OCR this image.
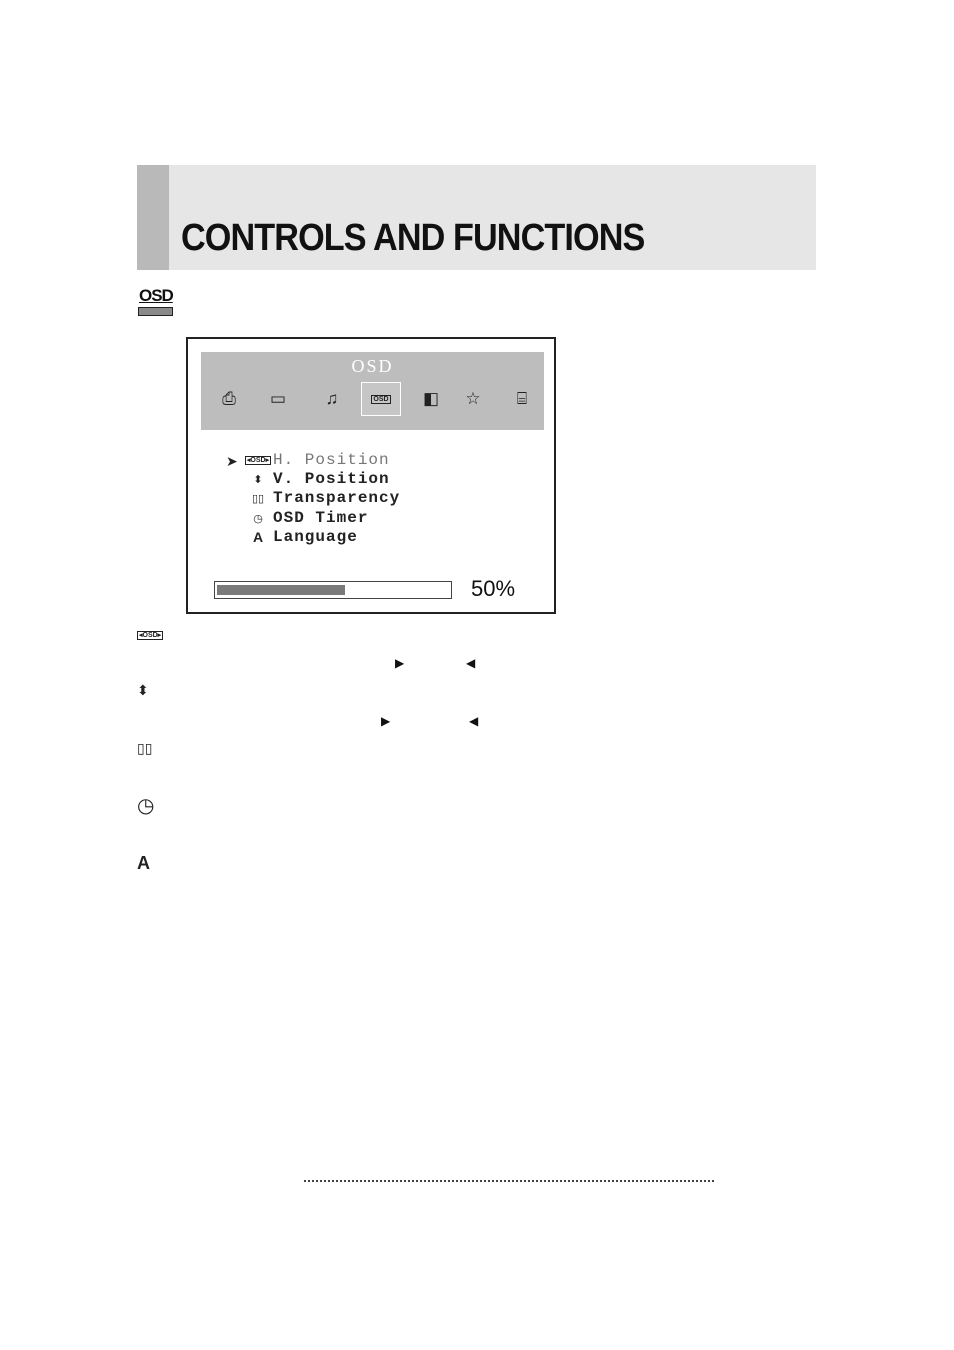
CONTROLS AND FUNCTIONS
OSD
OSD
⎙ ▭ ♫	OSD ◧ ☆ ⌸
➤ ◂OSD▸ H. Position
⬍ V. Position
▯▯ Transparency
◷ OSD Timer
A Language
50%
◂OSD▸
▶	◀
⬍
▶	◀
▯▯
◷
A
